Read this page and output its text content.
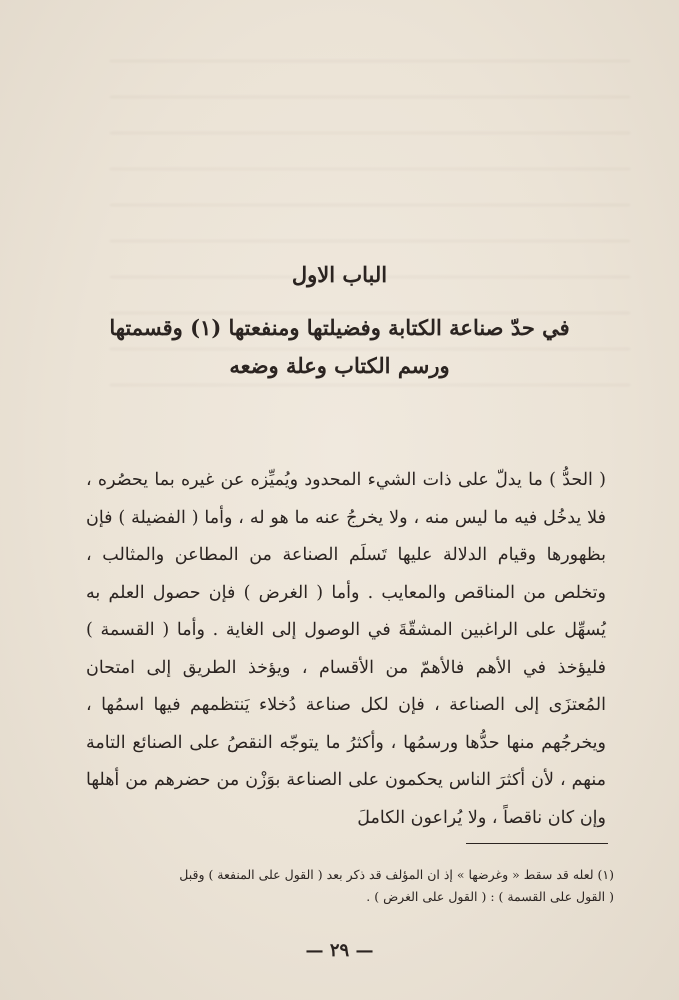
الباب الاول
في حدّ صناعة الكتابة وفضيلتها ومنفعتها (١) وقسمتها
ورسم الكتاب وعلة وضعه

( الحدُّ ) ما يدلّ على ذات الشيء المحدود ويُميِّزه عن غيره بما يحصُره ، فلا يدخُل فيه ما ليس منه ، ولا يخرجُ عنه ما هو له ، وأما ( الفضيلة ) فإن بظهورها وقيام الدلالة عليها تَسلَم الصناعة من المطاعن والمثالب ، وتخلص من المناقص والمعايب . وأما ( الغرض ) فإن حصول العلم به يُسهِّل على الراغبين المشقّةَ في الوصول إلى الغاية . وأما ( القسمة ) فليؤخذ في الأهم فالأهمّ من الأقسام ، ويؤخذ الطريق إلى امتحان المُعتزَى إلى الصناعة ، فإن لكل صناعة دُخلاء يَنتظمهم فيها اسمُها ، ويخرجُهم منها حدُّها ورسمُها ، وأكثرُ ما يتوجّه النقصُ على الصنائع التامة منهم ، لأن أكثرَ الناس يحكمون على الصناعة بوَزْن من حضرهم من أهلها وإن كان ناقصاً ، ولا يُراعون الكاملَ

(١) لعله قد سقط « وغرضها » إذ ان المؤلف قد ذكر بعد ( القول على المنفعة ) وقبل

( القول على القسمة ) : ( القول على الغرض ) .

— ٢٩ —
